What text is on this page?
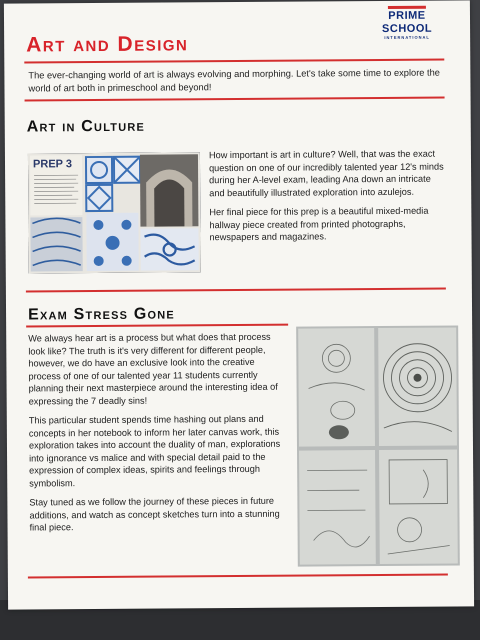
PRIME
SCHOOL
INTERNATIONAL
Art and Design
The ever-changing world of art is always evolving and morphing. Let's take some time to explore the world of art both in primeschool and beyond!
Art in Culture
PREP 3

How important is art in culture? Well, that was the exact question on one of our incredibly talented year 12's minds during her A-level exam, leading Ana down an intricate and beautifully illustrated exploration into azulejos.

Her final piece for this prep is a beautiful mixed-media hallway piece created from printed photographs, newspapers and magazines.

Exam Stress Gone

We always hear art is a process but what does that process look like? The truth is it's very different for different people, however, we do have an exclusive look into the creative process of one of our talented year 11 students currently planning their next masterpiece around the interesting idea of expressing the 7 deadly sins!

This particular student spends time hashing out plans and concepts in her notebook to inform her later canvas work, this exploration takes into account the duality of man, explorations into ignorance vs malice and with special detail paid to the expression of complex ideas, spirits and feelings through symbolism.

Stay tuned as we follow the journey of these pieces in future additions, and watch as concept sketches turn into a stunning final piece.
